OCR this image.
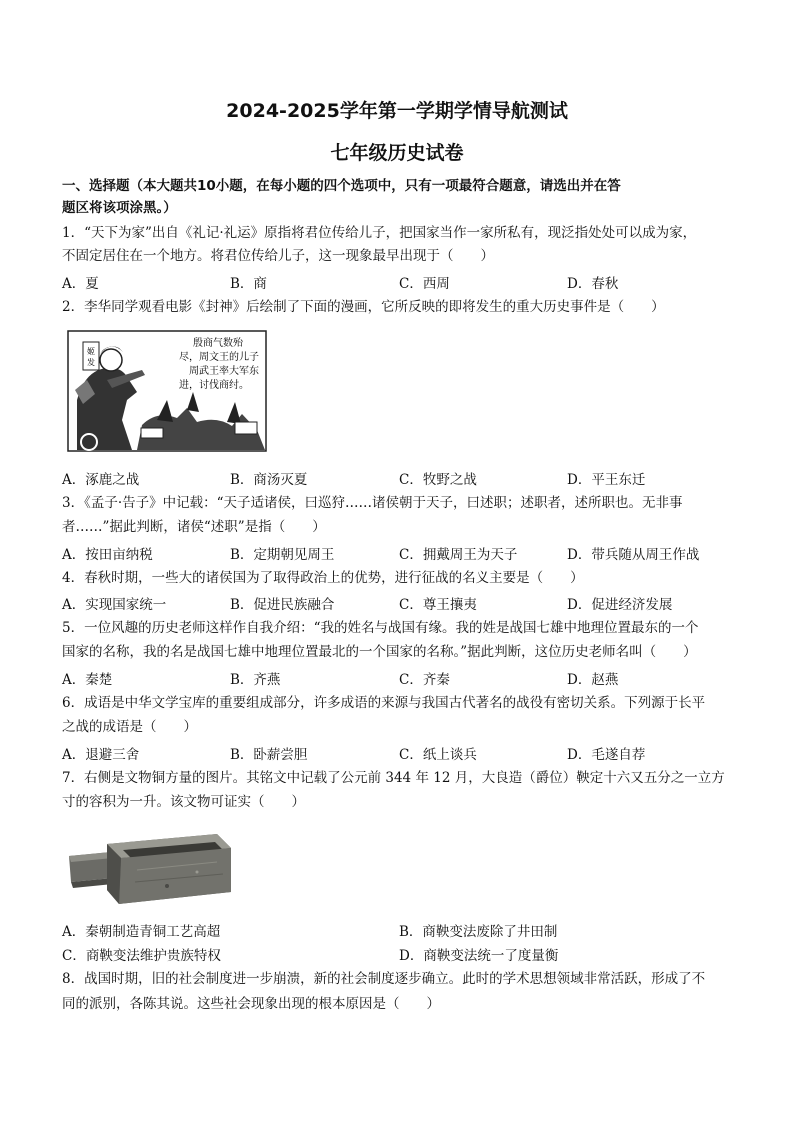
2024-2025学年第一学期学情导航测试
七年级历史试卷
一、选择题（本大题共10小题，在每小题的四个选项中，只有一项最符合题意，请选出并在答
题区将该项涂黑。）
1．“天下为家”出自《礼记·礼运》原指将君位传给儿子，把国家当作一家所私有，现泛指处处可以成为家，
不固定居住在一个地方。将君位传给儿子，这一现象最早出现于（　　）
A．夏	B．商	C．西周	D．春秋
2．李华同学观看电影《封神》后绘制了下面的漫画，它所反映的即将发生的重大历史事件是（　　）
姬
发
殷商气数殆
尽，周文王的儿子
周武王率大军东
进，讨伐商纣。
A．涿鹿之战	B．商汤灭夏	C．牧野之战	D．平王东迁
3．《孟子·告子》中记载：“天子适诸侯，曰巡狩……诸侯朝于天子，曰述职；述职者，述所职也。无非事
者……”据此判断，诸侯“述职”是指（　　）
A．按田亩纳税	B．定期朝见周王	C．拥戴周王为天子	D．带兵随从周王作战
4．春秋时期，一些大的诸侯国为了取得政治上的优势，进行征战的名义主要是（　　）
A．实现国家统一	B．促进民族融合	C．尊王攘夷	D．促进经济发展
5．一位风趣的历史老师这样作自我介绍：“我的姓名与战国有缘。我的姓是战国七雄中地理位置最东的一个
国家的名称，我的名是战国七雄中地理位置最北的一个国家的名称。”据此判断，这位历史老师名叫（　　）
A．秦楚	B．齐燕	C．齐秦	D．赵燕
6．成语是中华文学宝库的重要组成部分，许多成语的来源与我国古代著名的战役有密切关系。下列源于长平
之战的成语是（　　）
A．退避三舍	B．卧薪尝胆	C．纸上谈兵	D．毛遂自荐
7．右侧是文物铜方量的图片。其铭文中记载了公元前 344 年 12 月，大良造（爵位）鞅定十六又五分之一立方
寸的容积为一升。该文物可证实（　　）
A．秦朝制造青铜工艺高超	B．商鞅变法废除了井田制
C．商鞅变法维护贵族特权	D．商鞅变法统一了度量衡
8．战国时期，旧的社会制度进一步崩溃，新的社会制度逐步确立。此时的学术思想领域非常活跃，形成了不
同的派别，各陈其说。这些社会现象出现的根本原因是（　　）
